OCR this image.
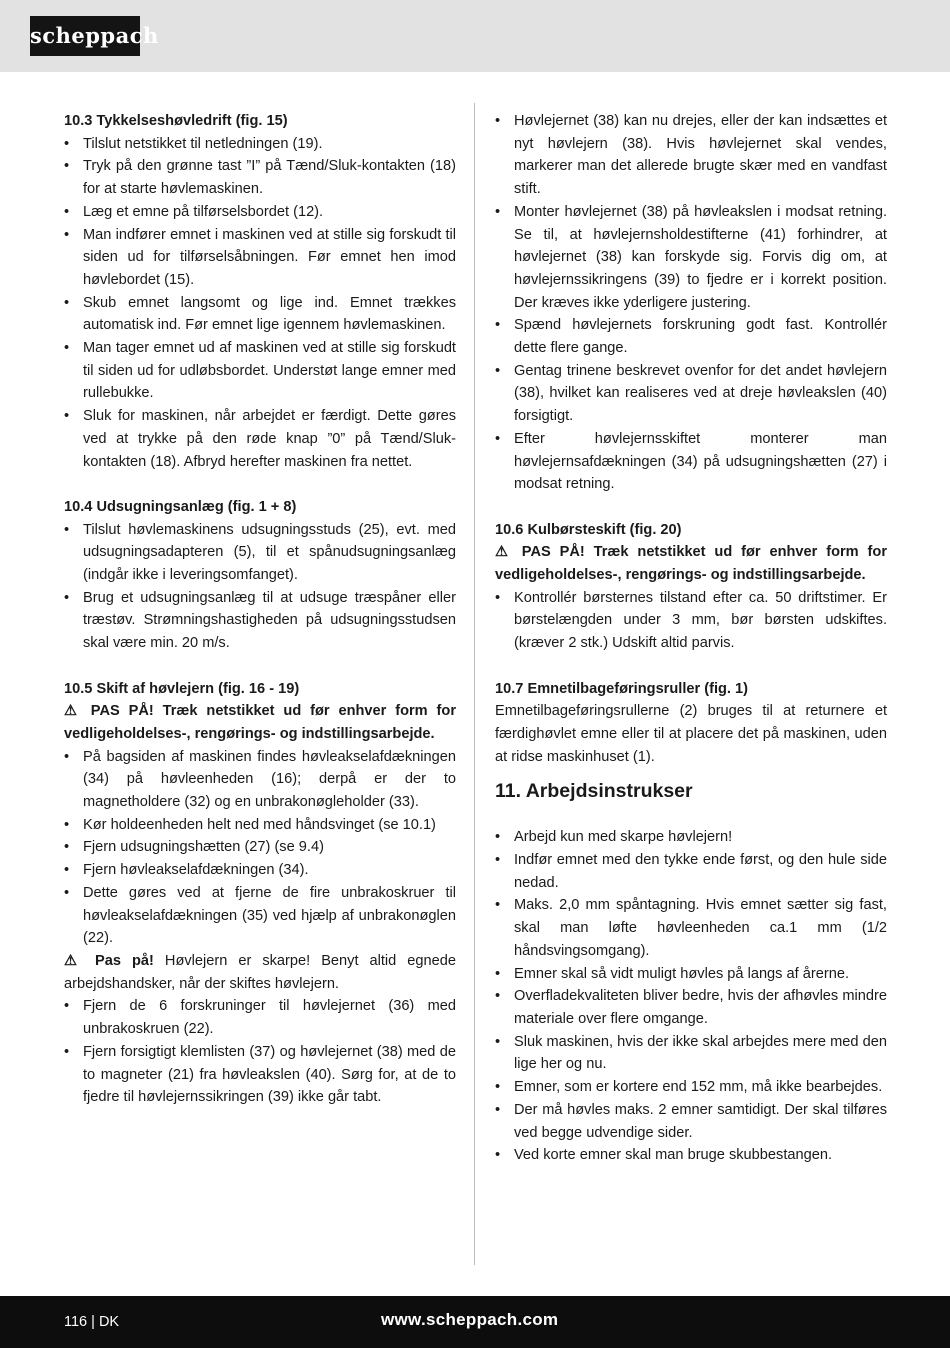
scheppach

10.3 Tykkelseshøvledrift (fig. 15)

• Tilslut netstikket til netledningen (19).
• Tryk på den grønne tast ”I” på Tænd/Sluk-kontakten (18) for at starte høvlemaskinen.
• Læg et emne på tilførselsbordet (12).
• Man indfører emnet i maskinen ved at stille sig forskudt til siden ud for tilførselsåbningen. Før emnet hen imod høvlebordet (15).
• Skub emnet langsomt og lige ind. Emnet trækkes automatisk ind. Før emnet lige igennem høvlemaskinen.
• Man tager emnet ud af maskinen ved at stille sig forskudt til siden ud for udløbsbordet. Understøt lange emner med rullebukke.
• Sluk for maskinen, når arbejdet er færdigt. Dette gøres ved at trykke på den røde knap ”0” på Tænd/Sluk-kontakten (18). Afbryd herefter maskinen fra nettet.

10.4 Udsugningsanlæg (fig. 1 + 8)

• Tilslut høvlemaskinens udsugningsstuds (25), evt. med udsugningsadapteren (5), til et spånudsugningsanlæg (indgår ikke i leveringsomfanget).
• Brug et udsugningsanlæg til at udsuge træspåner eller træstøv. Strømningshastigheden på udsugningsstudsen skal være min. 20 m/s.

10.5 Skift af høvlejern (fig. 16 - 19)

⚠ PAS PÅ! Træk netstikket ud før enhver form for vedligeholdelses-, rengørings- og indstillingsarbejde.

• På bagsiden af maskinen findes høvleakselafdækningen (34) på høvleenheden (16); derpå er der to magnetholdere (32) og en unbrakonøgleholder (33).
• Kør holdeenheden helt ned med håndsvinget (se 10.1)
• Fjern udsugningshætten (27) (se 9.4)
• Fjern høvleakselafdækningen (34).
• Dette gøres ved at fjerne de fire unbrakoskruer til høvleakselafdækningen (35) ved hjælp af unbrakonøglen (22).

⚠ Pas på! Høvlejern er skarpe! Benyt altid egnede arbejdshandsker, når der skiftes høvlejern.

• Fjern de 6 forskruninger til høvlejernet (36) med unbrakoskruen (22).
• Fjern forsigtigt klemlisten (37) og høvlejernet (38) med de to magneter (21) fra høvleakslen (40). Sørg for, at de to fjedre til høvlejernssikringen (39) ikke går tabt.
• Høvlejernet (38) kan nu drejes, eller der kan indsættes et nyt høvlejern (38). Hvis høvlejernet skal vendes, markerer man det allerede brugte skær med en vandfast stift.
• Monter høvlejernet (38) på høvleakslen i modsat retning. Se til, at høvlejernsholdestifterne (41) forhindrer, at høvlejernet (38) kan forskyde sig. Forvis dig om, at høvlejernssikringens (39) to fjedre er i korrekt position. Der kræves ikke yderligere justering.
• Spænd høvlejernets forskruning godt fast. Kontrollér dette flere gange.
• Gentag trinene beskrevet ovenfor for det andet høvlejern (38), hvilket kan realiseres ved at dreje høvleakslen (40) forsigtigt.
• Efter høvlejernsskiftet monterer man høvlejernsafdækningen (34) på udsugningshætten (27) i modsat retning.

10.6 Kulbørsteskift (fig. 20)

⚠ PAS PÅ! Træk netstikket ud før enhver form for vedligeholdelses-, rengørings- og indstillingsarbejde.

• Kontrollér børsternes tilstand efter ca. 50 driftstimer. Er børstelængden under 3 mm, bør børsten udskiftes. (kræver 2 stk.) Udskift altid parvis.

10.7 Emnetilbageføringsruller (fig. 1)

Emnetilbageføringsrullerne (2) bruges til at returnere et færdighøvlet emne eller til at placere det på maskinen, uden at ridse maskinhuset (1).

11. Arbejdsinstrukser

• Arbejd kun med skarpe høvlejern!
• Indfør emnet med den tykke ende først, og den hule side nedad.
• Maks. 2,0 mm spåntagning. Hvis emnet sætter sig fast, skal man løfte høvleenheden ca.1 mm (1/2 håndsvingsomgang).
• Emner skal så vidt muligt høvles på langs af årerne.
• Overfladekvaliteten bliver bedre, hvis der afhøvles mindre materiale over flere omgange.
• Sluk maskinen, hvis der ikke skal arbejdes mere med den lige her og nu.
• Emner, som er kortere end 152 mm, må ikke bearbejdes.
• Der må høvles maks. 2 emner samtidigt. Der skal tilføres ved begge udvendige sider.
• Ved korte emner skal man bruge skubbestangen.
116 | DK	www.scheppach.com
